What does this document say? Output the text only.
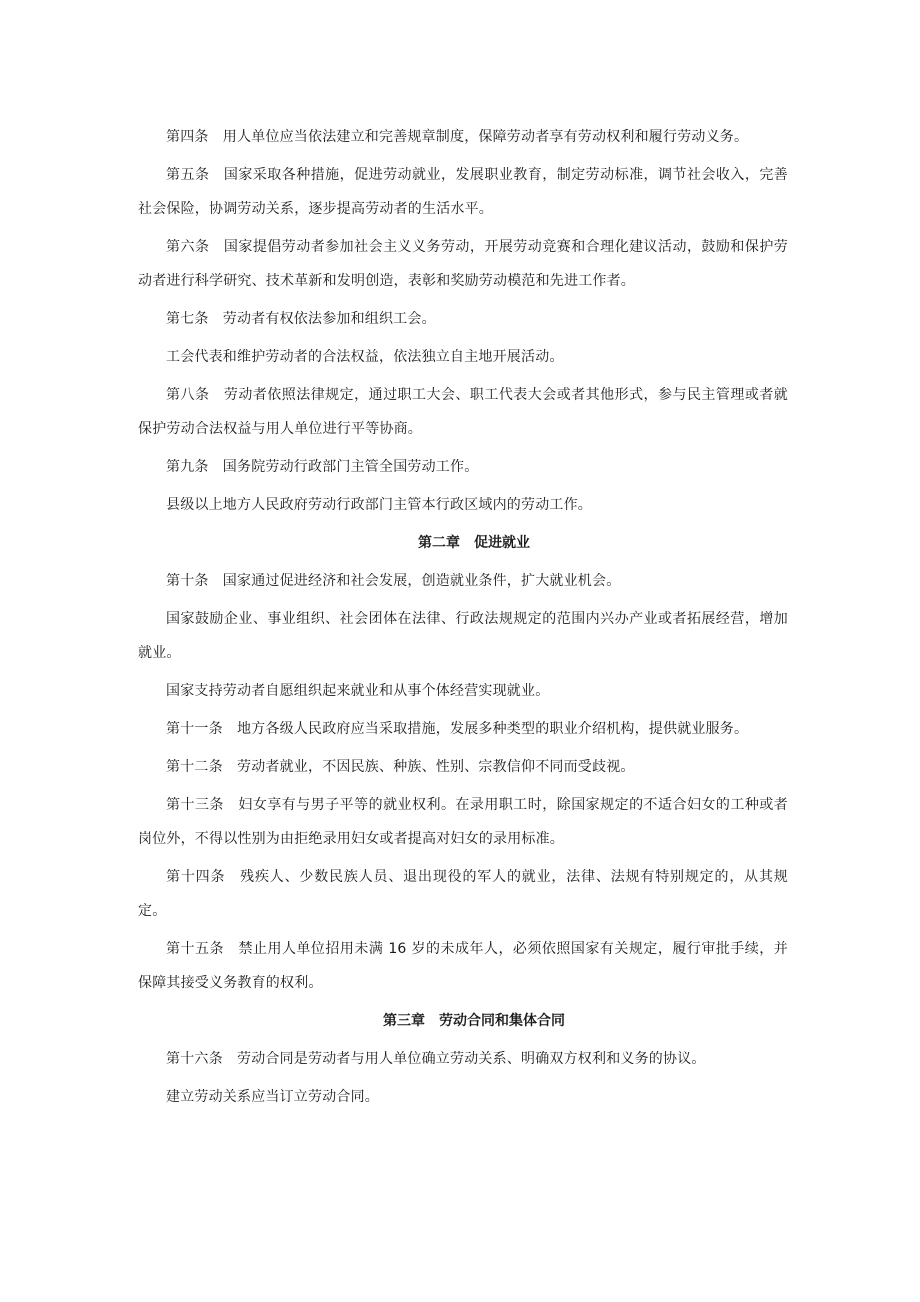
第四条　用人单位应当依法建立和完善规章制度，保障劳动者享有劳动权利和履行劳动义务。

第五条　国家采取各种措施，促进劳动就业，发展职业教育，制定劳动标准，调节社会收入，完善社会保险，协调劳动关系，逐步提高劳动者的生活水平。

第六条　国家提倡劳动者参加社会主义义务劳动，开展劳动竞赛和合理化建议活动，鼓励和保护劳动者进行科学研究、技术革新和发明创造，表彰和奖励劳动模范和先进工作者。

第七条　劳动者有权依法参加和组织工会。

工会代表和维护劳动者的合法权益，依法独立自主地开展活动。

第八条　劳动者依照法律规定，通过职工大会、职工代表大会或者其他形式，参与民主管理或者就保护劳动合法权益与用人单位进行平等协商。

第九条　国务院劳动行政部门主管全国劳动工作。

县级以上地方人民政府劳动行政部门主管本行政区域内的劳动工作。

第二章　促进就业

第十条　国家通过促进经济和社会发展，创造就业条件，扩大就业机会。

国家鼓励企业、事业组织、社会团体在法律、行政法规规定的范围内兴办产业或者拓展经营，增加就业。

国家支持劳动者自愿组织起来就业和从事个体经营实现就业。

第十一条　地方各级人民政府应当采取措施，发展多种类型的职业介绍机构，提供就业服务。

第十二条　劳动者就业，不因民族、种族、性别、宗教信仰不同而受歧视。

第十三条　妇女享有与男子平等的就业权利。在录用职工时，除国家规定的不适合妇女的工种或者岗位外，不得以性别为由拒绝录用妇女或者提高对妇女的录用标准。

第十四条　残疾人、少数民族人员、退出现役的军人的就业，法律、法规有特别规定的，从其规定。

第十五条　禁止用人单位招用未满 16 岁的未成年人，必须依照国家有关规定，履行审批手续，并保障其接受义务教育的权利。

第三章　劳动合同和集体合同

第十六条　劳动合同是劳动者与用人单位确立劳动关系、明确双方权利和义务的协议。

建立劳动关系应当订立劳动合同。
